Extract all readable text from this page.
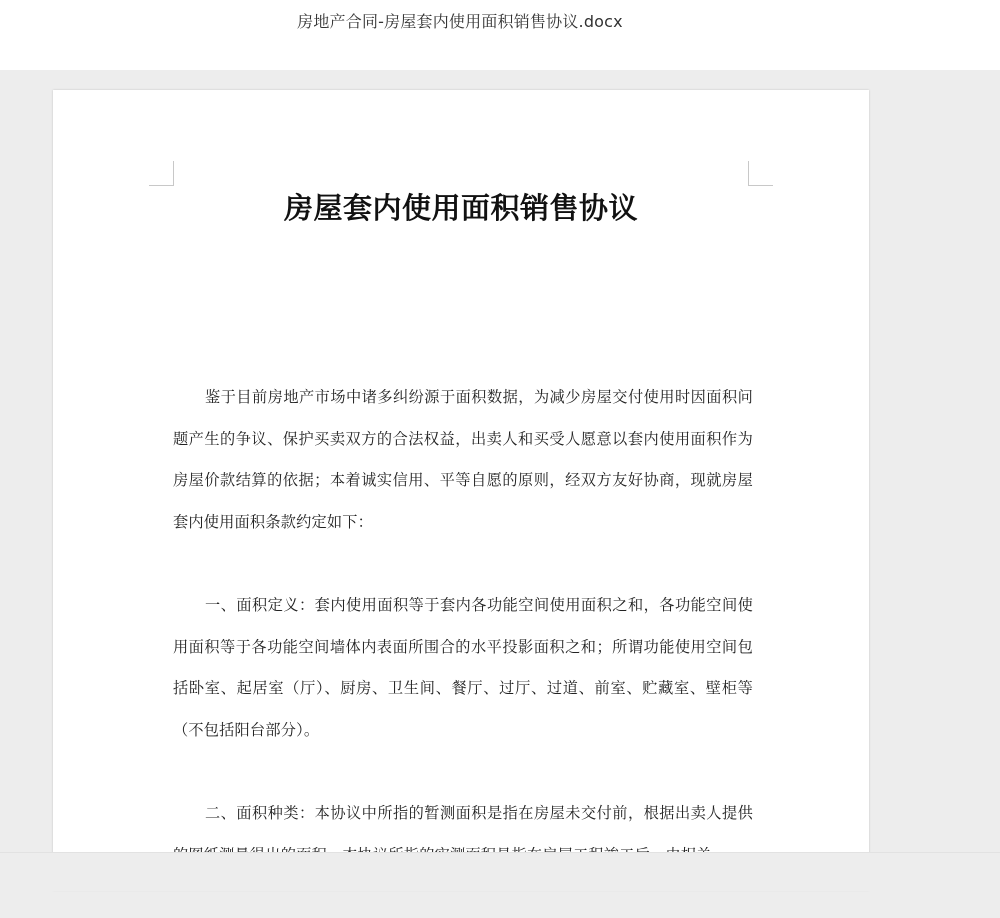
房地产合同-房屋套内使用面积销售协议.docx
房屋套内使用面积销售协议

鉴于目前房地产市场中诸多纠纷源于面积数据，为减少房屋交付使用时因面积问题产生的争议、保护买卖双方的合法权益，出卖人和买受人愿意以套内使用面积作为房屋价款结算的依据；本着诚实信用、平等自愿的原则，经双方友好协商，现就房屋套内使用面积条款约定如下：

一、面积定义：套内使用面积等于套内各功能空间使用面积之和，各功能空间使用面积等于各功能空间墙体内表面所围合的水平投影面积之和；所谓功能使用空间包括卧室、起居室（厅）、厨房、卫生间、餐厅、过厅、过道、前室、贮藏室、壁柜等（不包括阳台部分）。

二、面积种类：本协议中所指的暂测面积是指在房屋未交付前，根据出卖人提供
